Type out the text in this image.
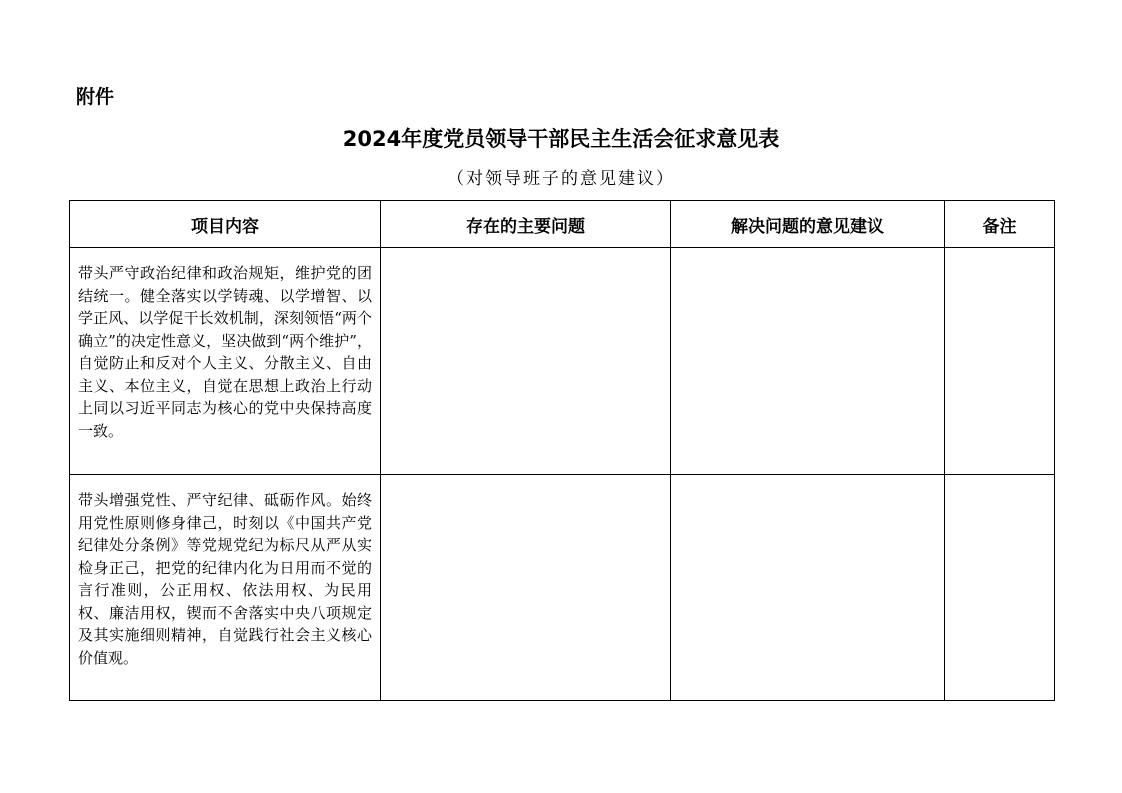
附件
2024年度党员领导干部民主生活会征求意见表
（对领导班子的意见建议）
项目内容	存在的主要问题	解决问题的意见建议	备注

带头严守政治纪律和政治规矩，维护党的团结统一。健全落实以学铸魂、以学增智、以学正风、以学促干长效机制，深刻领悟“两个确立”的决定性意义，坚决做到“两个维护”，自觉防止和反对个人主义、分散主义、自由主义、本位主义，自觉在思想上政治上行动上同以习近平同志为核心的党中央保持高度一致。			

带头增强党性、严守纪律、砥砺作风。始终用党性原则修身律己，时刻以《中国共产党纪律处分条例》等党规党纪为标尺从严从实检身正己，把党的纪律内化为日用而不觉的言行准则，公正用权、依法用权、为民用权、廉洁用权，锲而不舍落实中央八项规定及其实施细则精神，自觉践行社会主义核心价值观。			
